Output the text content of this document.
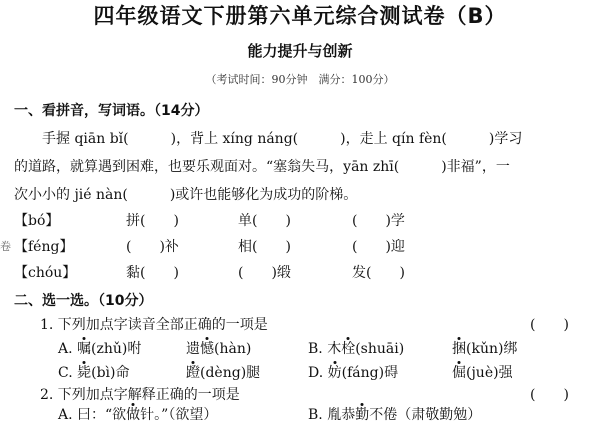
四年级语文下册第六单元综合测试卷（B）
能力提升与创新
（考试时间：90分钟　满分：100分）
一、看拼音，写词语。（14分）
手握 qiān bǐ(　　　)，背上 xíng náng(　　　)，走上 qín fèn(　　　)学习
的道路，就算遇到困难，也要乐观面对。“塞翁失马，yān zhī(　　　)非福”，一
次小小的 jié nàn(　　　)或许也能够化为成功的阶梯。
卷
【bó】	拼(　　)	单(　　)	(　　)学
【féng】	(　　)补	相(　　)	(　　)迎
【chóu】	黏(　　)	(　　)缎	发(　　)
二、选一选。（10分）
1. 下列加点字读音全部正确的一项是	(　　)
A. 嘱(zhǔ)咐	遗憾(hàn)	B. 木栓(shuāi)	捆(kǔn)绑
C. 毙(bì)命	蹬(dèng)腿	D. 妨(fáng)碍	倔(juè)强
2. 下列加点字解释正确的一项是	(　　)
A. 曰：“欲做针。”（欲望）	B. 胤恭勤不倦（肃敬勤勉）
